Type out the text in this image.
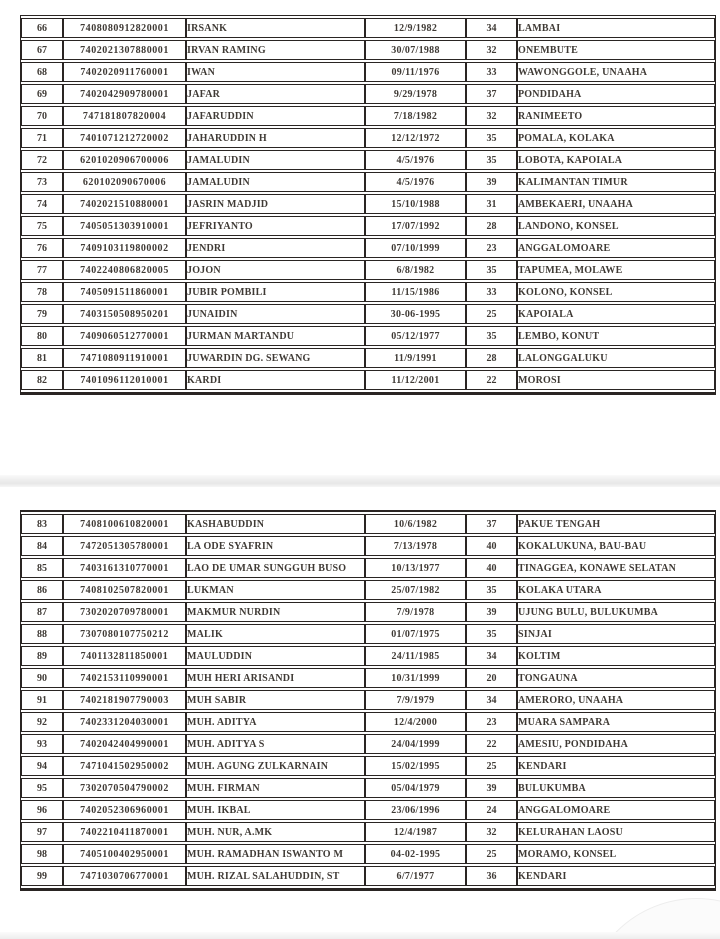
66	7408080912820001	IRSANK	12/9/1982	34	LAMBAI
67	7402021307880001	IRVAN RAMING	30/07/1988	32	ONEMBUTE
68	7402020911760001	IWAN	09/11/1976	33	WAWONGGOLE, UNAAHA
69	7402042909780001	JAFAR	9/29/1978	37	PONDIDAHA
70	747181807820004	JAFARUDDIN	7/18/1982	32	RANIMEETO
71	7401071212720002	JAHARUDDIN H	12/12/1972	35	POMALA, KOLAKA
72	6201020906700006	JAMALUDIN	4/5/1976	35	LOBOTA, KAPOIALA
73	620102090670006	JAMALUDIN	4/5/1976	39	KALIMANTAN TIMUR
74	7402021510880001	JASRIN MADJID	15/10/1988	31	AMBEKAERI, UNAAHA
75	7405051303910001	JEFRIYANTO	17/07/1992	28	LANDONO, KONSEL
76	7409103119800002	JENDRI	07/10/1999	23	ANGGALOMOARE
77	7402240806820005	JOJON	6/8/1982	35	TAPUMEA, MOLAWE
78	7405091511860001	JUBIR POMBILI	11/15/1986	33	KOLONO, KONSEL
79	7403150508950201	JUNAIDIN	30-06-1995	25	KAPOIALA
80	7409060512770001	JURMAN MARTANDU	05/12/1977	35	LEMBO, KONUT
81	7471080911910001	JUWARDIN DG. SEWANG	11/9/1991	28	LALONGGALUKU
82	7401096112010001	KARDI	11/12/2001	22	MOROSI
83	7408100610820001	KASHABUDDIN	10/6/1982	37	PAKUE TENGAH
84	7472051305780001	LA ODE SYAFRIN	7/13/1978	40	KOKALUKUNA, BAU-BAU
85	7403161310770001	LAO DE UMAR SUNGGUH BUSO	10/13/1977	40	TINAGGEA, KONAWE SELATAN
86	7408102507820001	LUKMAN	25/07/1982	35	KOLAKA UTARA
87	7302020709780001	MAKMUR NURDIN	7/9/1978	39	UJUNG BULU, BULUKUMBA
88	7307080107750212	MALIK	01/07/1975	35	SINJAI
89	7401132811850001	MAULUDDIN	24/11/1985	34	KOLTIM
90	7402153110990001	MUH HERI ARISANDI	10/31/1999	20	TONGAUNA
91	7402181907790003	MUH SABIR	7/9/1979	34	AMERORO, UNAAHA
92	7402331204030001	MUH. ADITYA	12/4/2000	23	MUARA SAMPARA
93	7402042404990001	MUH. ADITYA S	24/04/1999	22	AMESIU, PONDIDAHA
94	7471041502950002	MUH. AGUNG ZULKARNAIN	15/02/1995	25	KENDARI
95	7302070504790002	MUH. FIRMAN	05/04/1979	39	BULUKUMBA
96	7402052306960001	MUH. IKBAL	23/06/1996	24	ANGGALOMOARE
97	7402210411870001	MUH. NUR, A.MK	12/4/1987	32	KELURAHAN LAOSU
98	7405100402950001	MUH. RAMADHAN ISWANTO M	04-02-1995	25	MORAMO, KONSEL
99	7471030706770001	MUH. RIZAL SALAHUDDIN, ST	6/7/1977	36	KENDARI
